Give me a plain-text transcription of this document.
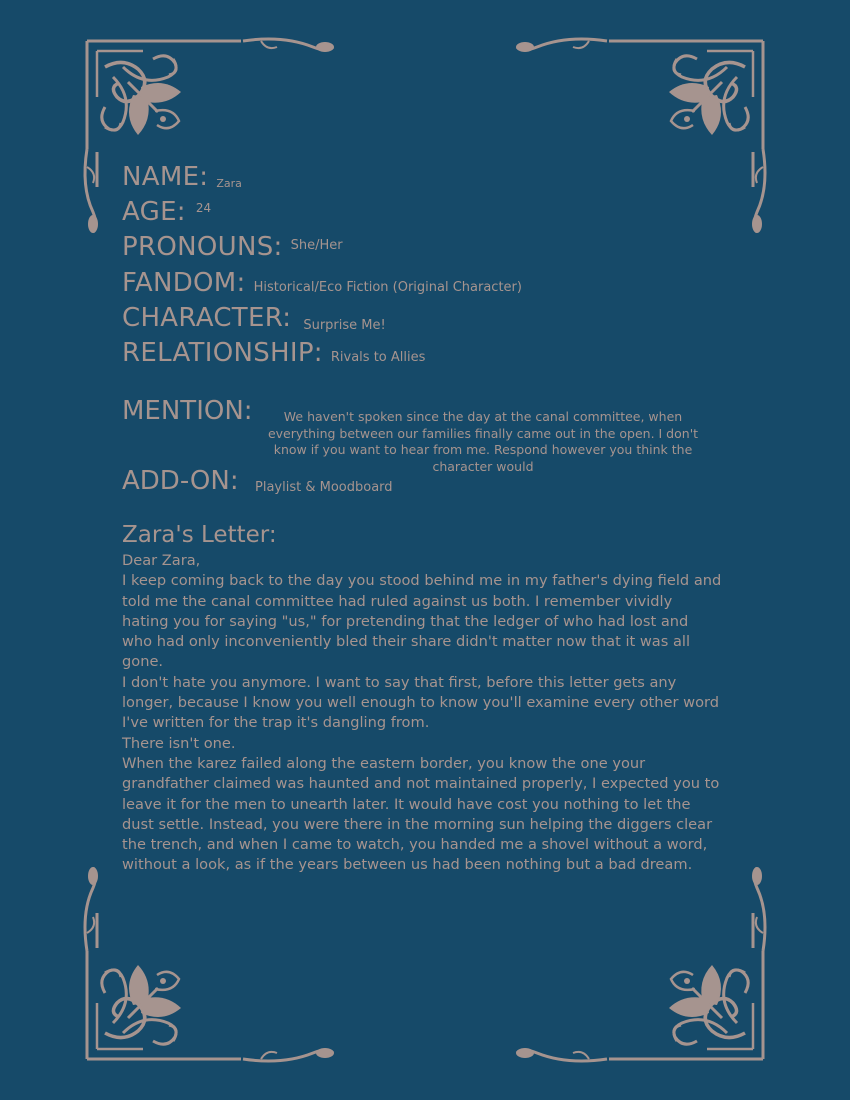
NAME: Zara
AGE: 24
PRONOUNS: She/Her
FANDOM: Historical/Eco Fiction (Original Character)
CHARACTER: Surprise Me!
RELATIONSHIP: Rivals to Allies
MENTION:	We haven't spoken since the day at the canal committee, when everything between our families finally came out in the open. I don't know if you want to hear from me. Respond however you think the character would
ADD-ON: Playlist & Moodboard
Zara's Letter:

Dear Zara,

I keep coming back to the day you stood behind me in my father's dying field and told me the canal committee had ruled against us both. I remember vividly hating you for saying "us," for pretending that the ledger of who had lost and who had only inconveniently bled their share didn't matter now that it was all gone.

I don't hate you anymore. I want to say that first, before this letter gets any longer, because I know you well enough to know you'll examine every other word I've written for the trap it's dangling from.

There isn't one.

When the karez failed along the eastern border, you know the one your grandfather claimed was haunted and not maintained properly, I expected you to leave it for the men to unearth later. It would have cost you nothing to let the dust settle. Instead, you were there in the morning sun helping the diggers clear the trench, and when I came to watch, you handed me a shovel without a word, without a look, as if the years between us had been nothing but a bad dream.
